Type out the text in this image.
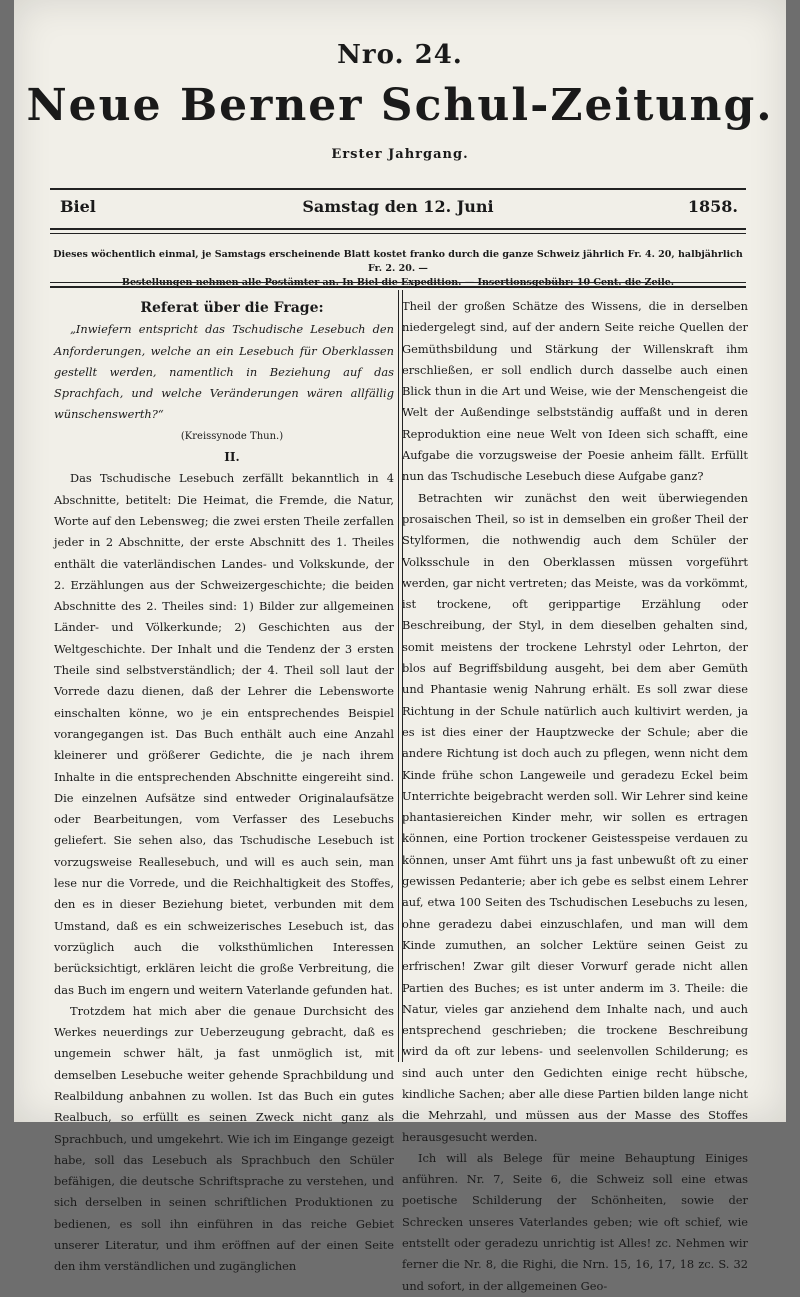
Nro. 24.
Neue Berner Schul-Zeitung.
Erster Jahrgang.
Biel	Samstag den 12. Juni	1858.
Dieses wöchentlich einmal, je Samstags erscheinende Blatt kostet franko durch die ganze Schweiz jährlich Fr. 4. 20, halbjährlich Fr. 2. 20. —
Bestellungen nehmen alle Postämter an. In Biel die Expedition. — Insertionsgebühr: 10 Cent. die Zeile.

Referat über die Frage:

„Inwiefern entspricht das Tschudische Lesebuch den Anforderungen, welche an ein Lesebuch für Oberklassen gestellt werden, namentlich in Beziehung auf das Sprachfach, und welche Veränderungen wären allfällig wünschenswerth?“

(Kreissynode Thun.)

II.

Das Tschudische Lesebuch zerfällt bekanntlich in 4 Abschnitte, betitelt: Die Heimat, die Fremde, die Natur, Worte auf den Lebensweg; die zwei ersten Theile zerfallen jeder in 2 Abschnitte, der erste Abschnitt des 1. Theiles enthält die vaterländischen Landes- und Volkskunde, der 2. Erzählungen aus der Schweizergeschichte; die beiden Abschnitte des 2. Theiles sind: 1) Bilder zur allgemeinen Länder- und Völkerkunde; 2) Geschichten aus der Weltgeschichte. Der Inhalt und die Tendenz der 3 ersten Theile sind selbstverständlich; der 4. Theil soll laut der Vorrede dazu dienen, daß der Lehrer die Lebensworte einschalten könne, wo je ein entsprechendes Beispiel vorangegangen ist. Das Buch enthält auch eine Anzahl kleinerer und größerer Gedichte, die je nach ihrem Inhalte in die entsprechenden Abschnitte eingereiht sind. Die einzelnen Aufsätze sind entweder Originalaufsätze oder Bearbeitungen, vom Verfasser des Lesebuchs geliefert. Sie sehen also, das Tschudische Lesebuch ist vorzugsweise Reallesebuch, und will es auch sein, man lese nur die Vorrede, und die Reichhaltigkeit des Stoffes, den es in dieser Beziehung bietet, verbunden mit dem Umstand, daß es ein schweizerisches Lesebuch ist, das vorzüglich auch die volksthümlichen Interessen berücksichtigt, erklären leicht die große Verbreitung, die das Buch im engern und weitern Vaterlande gefunden hat.

Trotzdem hat mich aber die genaue Durchsicht des Werkes neuerdings zur Ueberzeugung gebracht, daß es ungemein schwer hält, ja fast unmöglich ist, mit demselben Lesebuche weiter gehende Sprachbildung und Realbildung anbahnen zu wollen. Ist das Buch ein gutes Realbuch, so erfüllt es seinen Zweck nicht ganz als Sprachbuch, und umgekehrt. Wie ich im Eingange gezeigt habe, soll das Lesebuch als Sprachbuch den Schüler befähigen, die deutsche Schriftsprache zu verstehen, und sich derselben in seinen schriftlichen Produktionen zu bedienen, es soll ihn einführen in das reiche Gebiet unserer Literatur, und ihm eröffnen auf der einen Seite den ihm verständlichen und zugänglichen

Theil der großen Schätze des Wissens, die in derselben niedergelegt sind, auf der andern Seite reiche Quellen der Gemüthsbildung und Stärkung der Willenskraft ihm erschließen, er soll endlich durch dasselbe auch einen Blick thun in die Art und Weise, wie der Menschengeist die Welt der Außendinge selbstständig auffaßt und in deren Reproduktion eine neue Welt von Ideen sich schafft, eine Aufgabe die vorzugsweise der Poesie anheim fällt. Erfüllt nun das Tschudische Lesebuch diese Aufgabe ganz?

Betrachten wir zunächst den weit überwiegenden prosaischen Theil, so ist in demselben ein großer Theil der Stylformen, die nothwendig auch dem Schüler der Volksschule in den Oberklassen müssen vorgeführt werden, gar nicht vertreten; das Meiste, was da vorkömmt, ist trockene, oft gerippartige Erzählung oder Beschreibung, der Styl, in dem dieselben gehalten sind, somit meistens der trockene Lehrstyl oder Lehrton, der blos auf Begriffsbildung ausgeht, bei dem aber Gemüth und Phantasie wenig Nahrung erhält. Es soll zwar diese Richtung in der Schule natürlich auch kultivirt werden, ja es ist dies einer der Hauptzwecke der Schule; aber die andere Richtung ist doch auch zu pflegen, wenn nicht dem Kinde frühe schon Langeweile und geradezu Eckel beim Unterrichte beigebracht werden soll. Wir Lehrer sind keine phantasiereichen Kinder mehr, wir sollen es ertragen können, eine Portion trockener Geistesspeise verdauen zu können, unser Amt führt uns ja fast unbewußt oft zu einer gewissen Pedanterie; aber ich gebe es selbst einem Lehrer auf, etwa 100 Seiten des Tschudischen Lesebuchs zu lesen, ohne geradezu dabei einzuschlafen, und man will dem Kinde zumuthen, an solcher Lektüre seinen Geist zu erfrischen! Zwar gilt dieser Vorwurf gerade nicht allen Partien des Buches; es ist unter anderm im 3. Theile: die Natur, vieles gar anziehend dem Inhalte nach, und auch entsprechend geschrieben; die trockene Beschreibung wird da oft zur lebens- und seelenvollen Schilderung; es sind auch unter den Gedichten einige recht hübsche, kindliche Sachen; aber alle diese Partien bilden lange nicht die Mehrzahl, und müssen aus der Masse des Stoffes herausgesucht werden.

Ich will als Belege für meine Behauptung Einiges anführen. Nr. 7, Seite 6, die Schweiz soll eine etwas poetische Schilderung der Schönheiten, sowie der Schrecken unseres Vaterlandes geben; wie oft schief, wie entstellt oder geradezu unrichtig ist Alles! zc. Nehmen wir ferner die Nr. 8, die Righi, die Nrn. 15, 16, 17, 18 zc. S. 32 und sofort, in der allgemeinen Geo-
